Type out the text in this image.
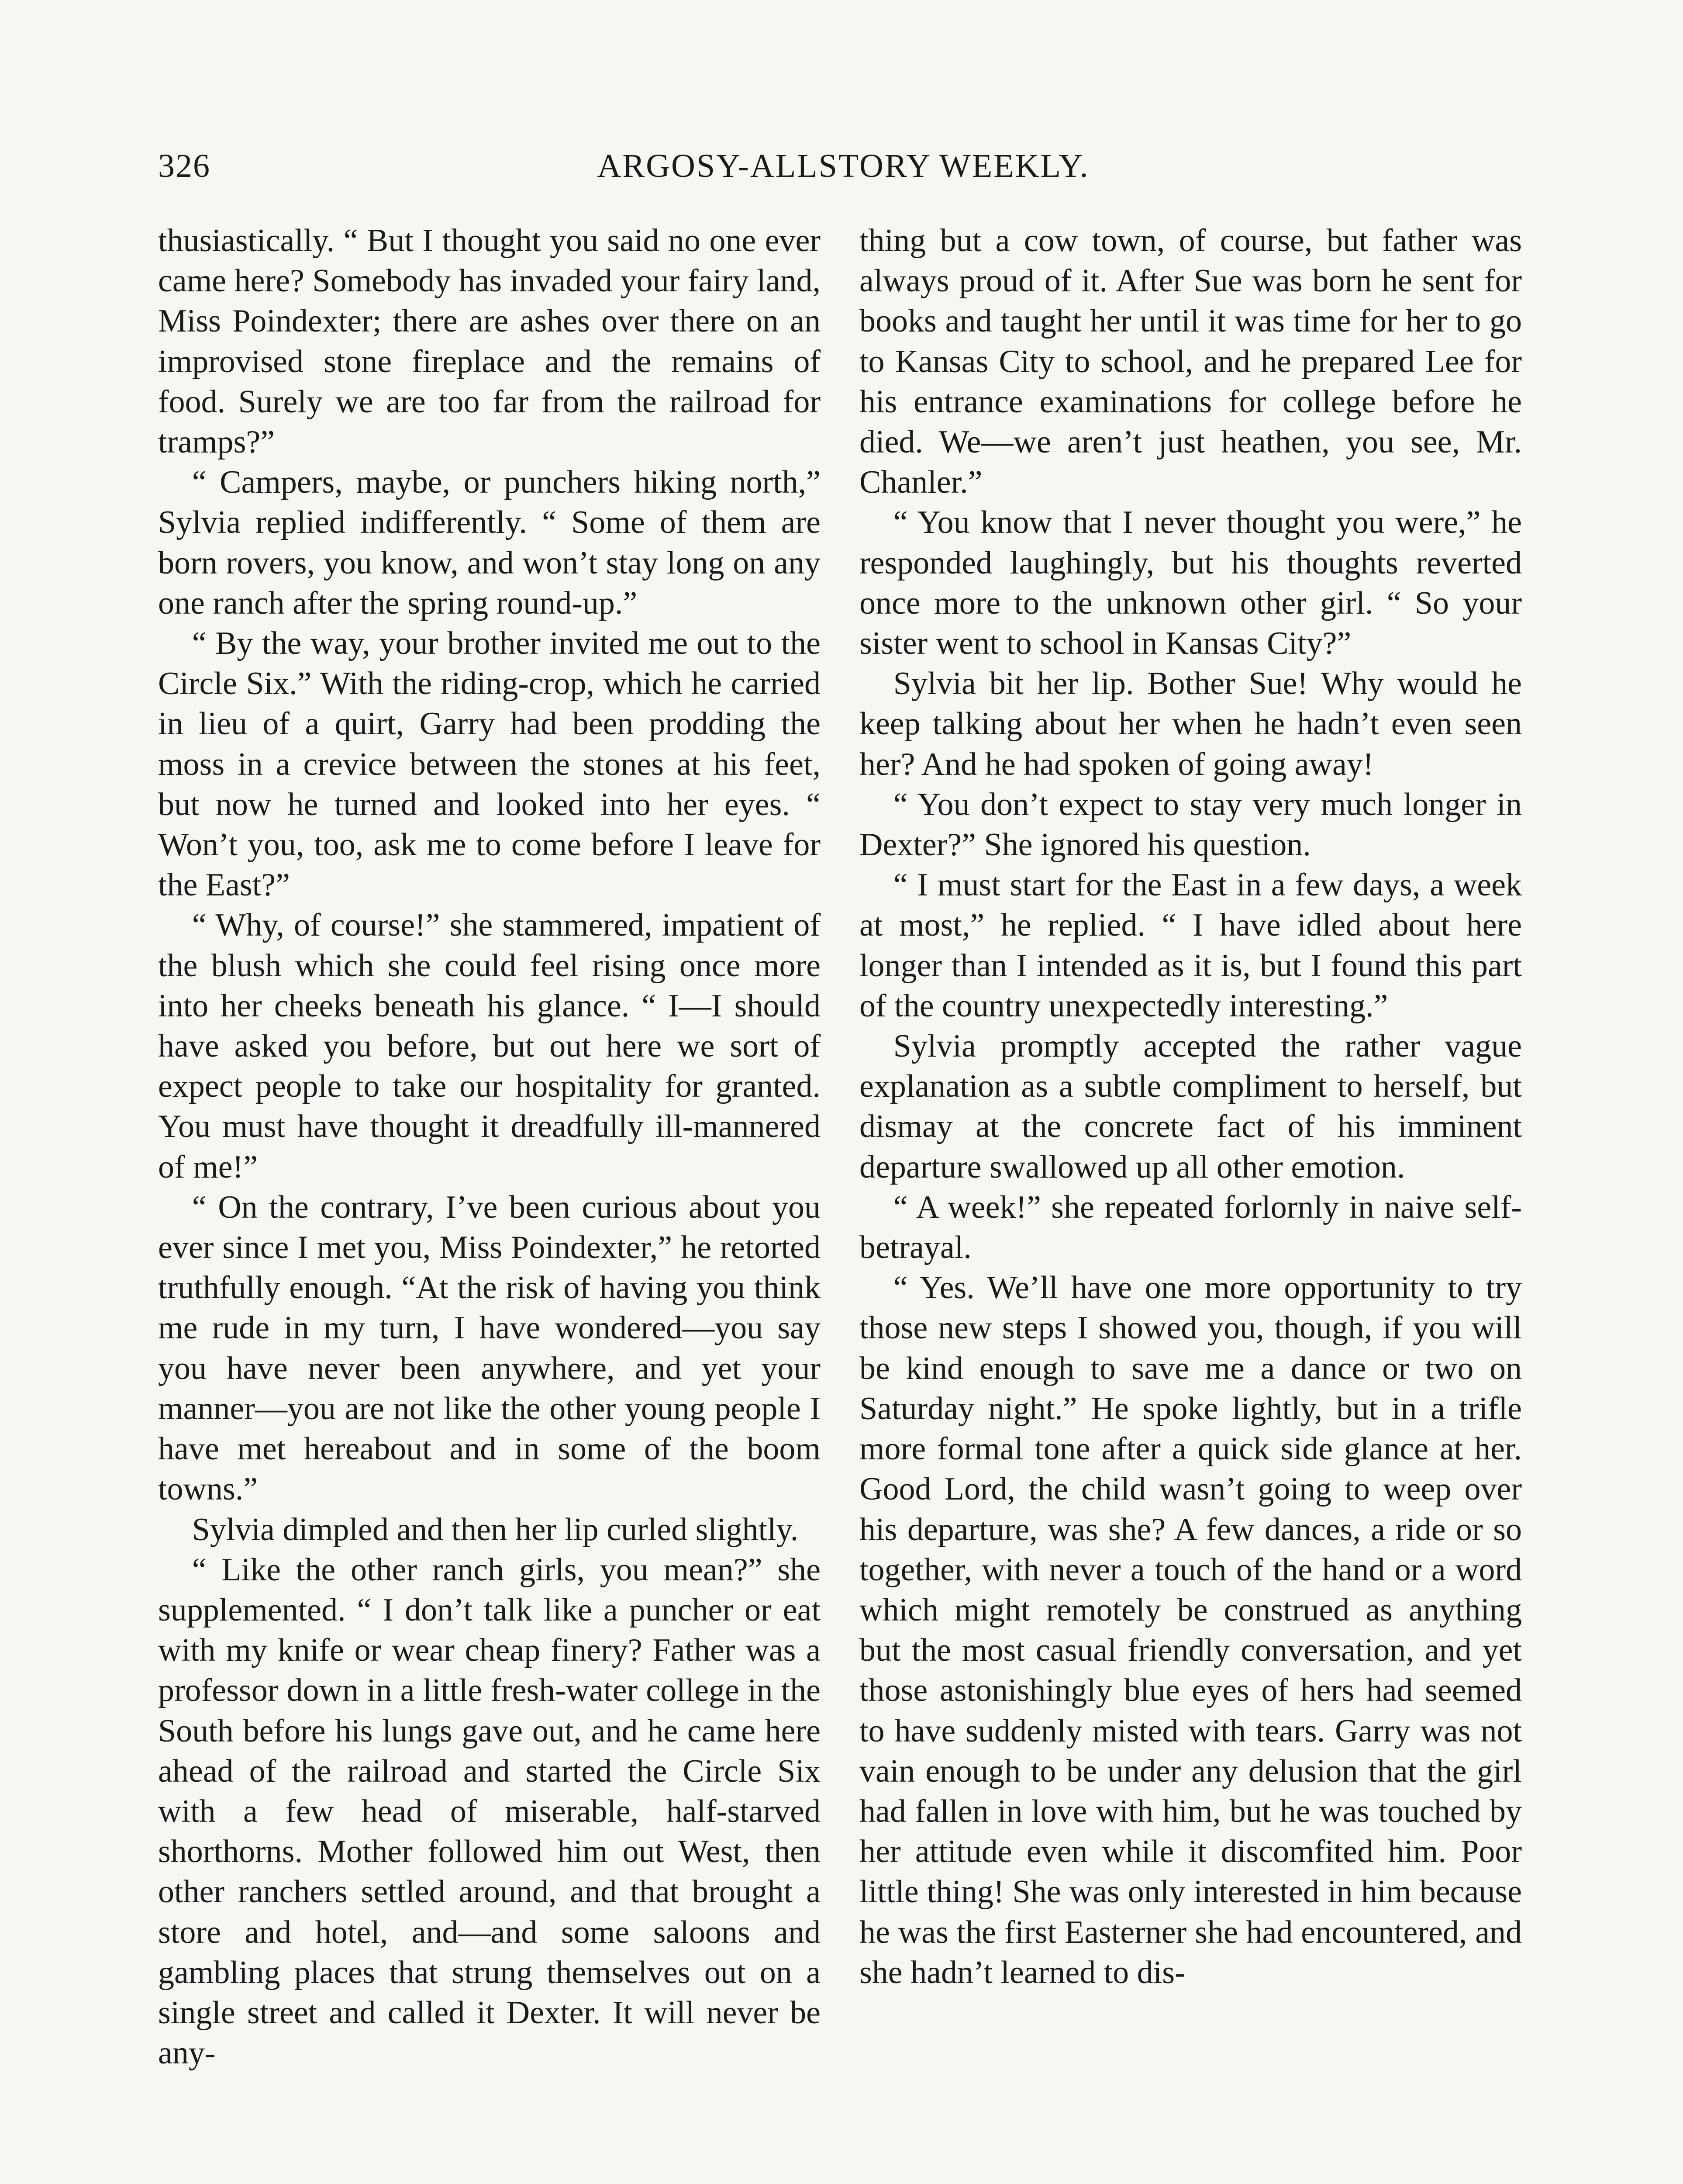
326	ARGOSY-ALLSTORY WEEKLY.

thusiastically. “ But I thought you said no one ever came here? Somebody has invaded your fairy land, Miss Poindexter; there are ashes over there on an improvised stone fireplace and the remains of food. Surely we are too far from the railroad for tramps?”

“ Campers, maybe, or punchers hiking north,” Sylvia replied indifferently. “ Some of them are born rovers, you know, and won’t stay long on any one ranch after the spring round-up.”

“ By the way, your brother invited me out to the Circle Six.” With the riding-crop, which he carried in lieu of a quirt, Garry had been prodding the moss in a crevice between the stones at his feet, but now he turned and looked into her eyes. “ Won’t you, too, ask me to come before I leave for the East?”

“ Why, of course!” she stammered, impatient of the blush which she could feel rising once more into her cheeks beneath his glance. “ I—I should have asked you before, but out here we sort of expect people to take our hospitality for granted. You must have thought it dreadfully ill-mannered of me!”

“ On the contrary, I’ve been curious about you ever since I met you, Miss Poindexter,” he retorted truthfully enough. “At the risk of having you think me rude in my turn, I have wondered—you say you have never been anywhere, and yet your manner—you are not like the other young people I have met hereabout and in some of the boom towns.”

Sylvia dimpled and then her lip curled slightly.

“ Like the other ranch girls, you mean?” she supplemented. “ I don’t talk like a puncher or eat with my knife or wear cheap finery? Father was a professor down in a little fresh-water college in the South before his lungs gave out, and he came here ahead of the railroad and started the Circle Six with a few head of miserable, half-starved shorthorns. Mother followed him out West, then other ranchers settled around, and that brought a store and hotel, and—and some saloons and gambling places that strung themselves out on a single street and called it Dexter. It will never be any-

thing but a cow town, of course, but father was always proud of it. After Sue was born he sent for books and taught her until it was time for her to go to Kansas City to school, and he prepared Lee for his entrance examinations for college before he died. We—we aren’t just heathen, you see, Mr. Chanler.”

“ You know that I never thought you were,” he responded laughingly, but his thoughts reverted once more to the unknown other girl. “ So your sister went to school in Kansas City?”

Sylvia bit her lip. Bother Sue! Why would he keep talking about her when he hadn’t even seen her? And he had spoken of going away!

“ You don’t expect to stay very much longer in Dexter?” She ignored his question.

“ I must start for the East in a few days, a week at most,” he replied. “ I have idled about here longer than I intended as it is, but I found this part of the country unexpectedly interesting.”

Sylvia promptly accepted the rather vague explanation as a subtle compliment to herself, but dismay at the concrete fact of his imminent departure swallowed up all other emotion.

“ A week!” she repeated forlornly in naive self-betrayal.

“ Yes. We’ll have one more opportunity to try those new steps I showed you, though, if you will be kind enough to save me a dance or two on Saturday night.” He spoke lightly, but in a trifle more formal tone after a quick side glance at her. Good Lord, the child wasn’t going to weep over his departure, was she? A few dances, a ride or so together, with never a touch of the hand or a word which might remotely be construed as anything but the most casual friendly conversation, and yet those astonishingly blue eyes of hers had seemed to have suddenly misted with tears. Garry was not vain enough to be under any delusion that the girl had fallen in love with him, but he was touched by her attitude even while it discomfited him. Poor little thing! She was only interested in him because he was the first Easterner she had encountered, and she hadn’t learned to dis-
